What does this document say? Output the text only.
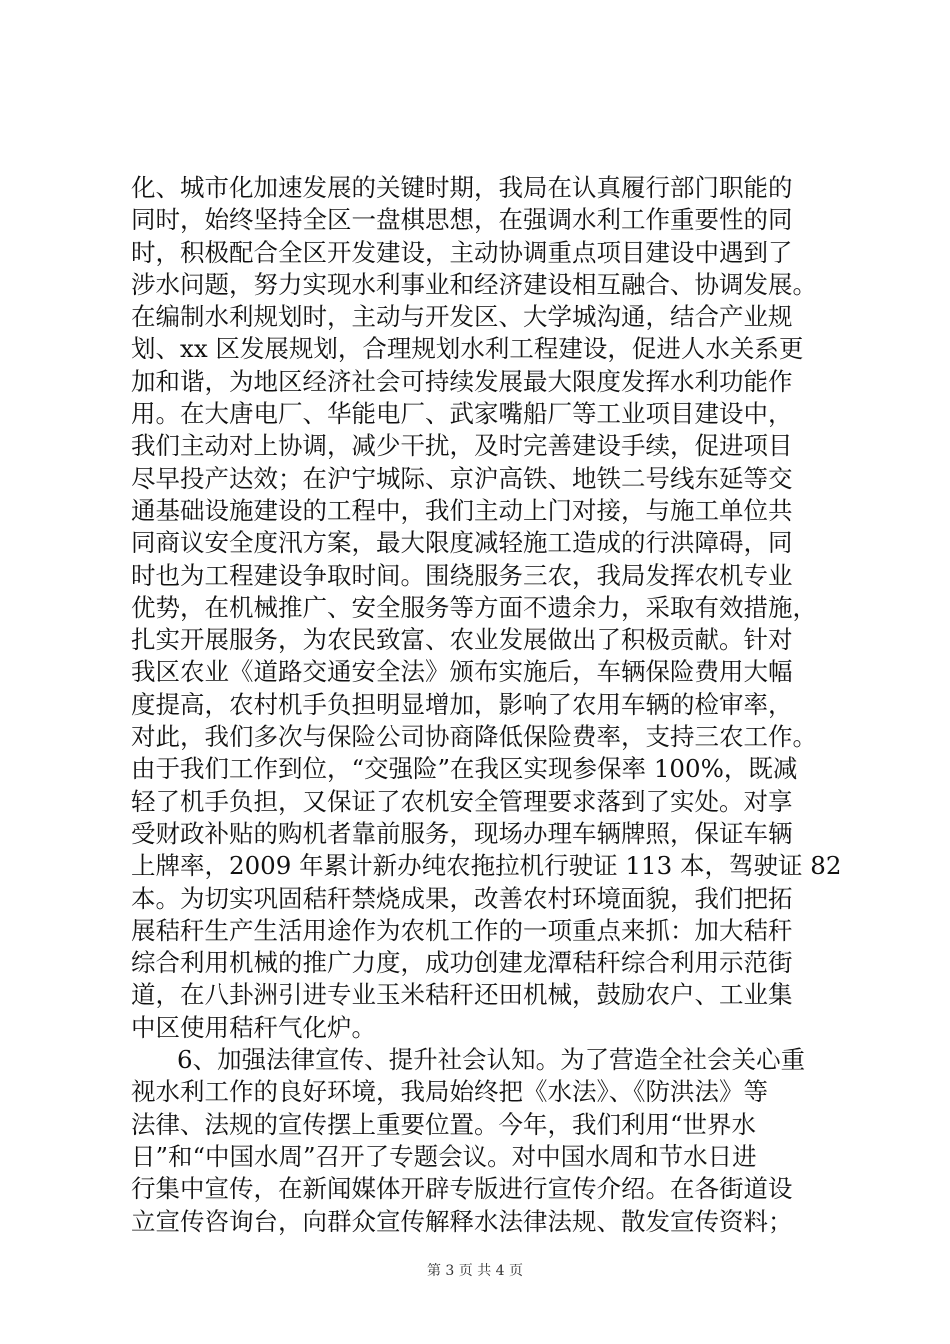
化、城市化加速发展的关键时期，我局在认真履行部门职能的
同时，始终坚持全区一盘棋思想，在强调水利工作重要性的同
时，积极配合全区开发建设，主动协调重点项目建设中遇到了
涉水问题，努力实现水利事业和经济建设相互融合、协调发展。
在编制水利规划时，主动与开发区、大学城沟通，结合产业规
划、xx 区发展规划，合理规划水利工程建设，促进人水关系更
加和谐，为地区经济社会可持续发展最大限度发挥水利功能作
用。在大唐电厂、华能电厂、武家嘴船厂等工业项目建设中，
我们主动对上协调，减少干扰，及时完善建设手续，促进项目
尽早投产达效；在沪宁城际、京沪高铁、地铁二号线东延等交
通基础设施建设的工程中，我们主动上门对接，与施工单位共
同商议安全度汛方案，最大限度减轻施工造成的行洪障碍，同
时也为工程建设争取时间。围绕服务三农，我局发挥农机专业
优势，在机械推广、安全服务等方面不遗余力，采取有效措施，
扎实开展服务，为农民致富、农业发展做出了积极贡献。针对
我区农业《道路交通安全法》颁布实施后，车辆保险费用大幅
度提高，农村机手负担明显增加，影响了农用车辆的检审率，
对此，我们多次与保险公司协商降低保险费率，支持三农工作。
由于我们工作到位，“交强险”在我区实现参保率 100%，既减
轻了机手负担，又保证了农机安全管理要求落到了实处。对享
受财政补贴的购机者靠前服务，现场办理车辆牌照，保证车辆
上牌率，2009 年累计新办纯农拖拉机行驶证 113 本，驾驶证 82
本。为切实巩固秸秆禁烧成果，改善农村环境面貌，我们把拓
展秸秆生产生活用途作为农机工作的一项重点来抓：加大秸秆
综合利用机械的推广力度，成功创建龙潭秸秆综合利用示范街
道，在八卦洲引进专业玉米秸秆还田机械，鼓励农户、工业集
中区使用秸秆气化炉。
6、加强法律宣传、提升社会认知。为了营造全社会关心重
视水利工作的良好环境，我局始终把《水法》、《防洪法》等
法律、法规的宣传摆上重要位置。今年，我们利用“世界水
日”和“中国水周”召开了专题会议。对中国水周和节水日进
行集中宣传，在新闻媒体开辟专版进行宣传介绍。在各街道设
立宣传咨询台，向群众宣传解释水法律法规、散发宣传资料；
第 3 页 共 4 页
